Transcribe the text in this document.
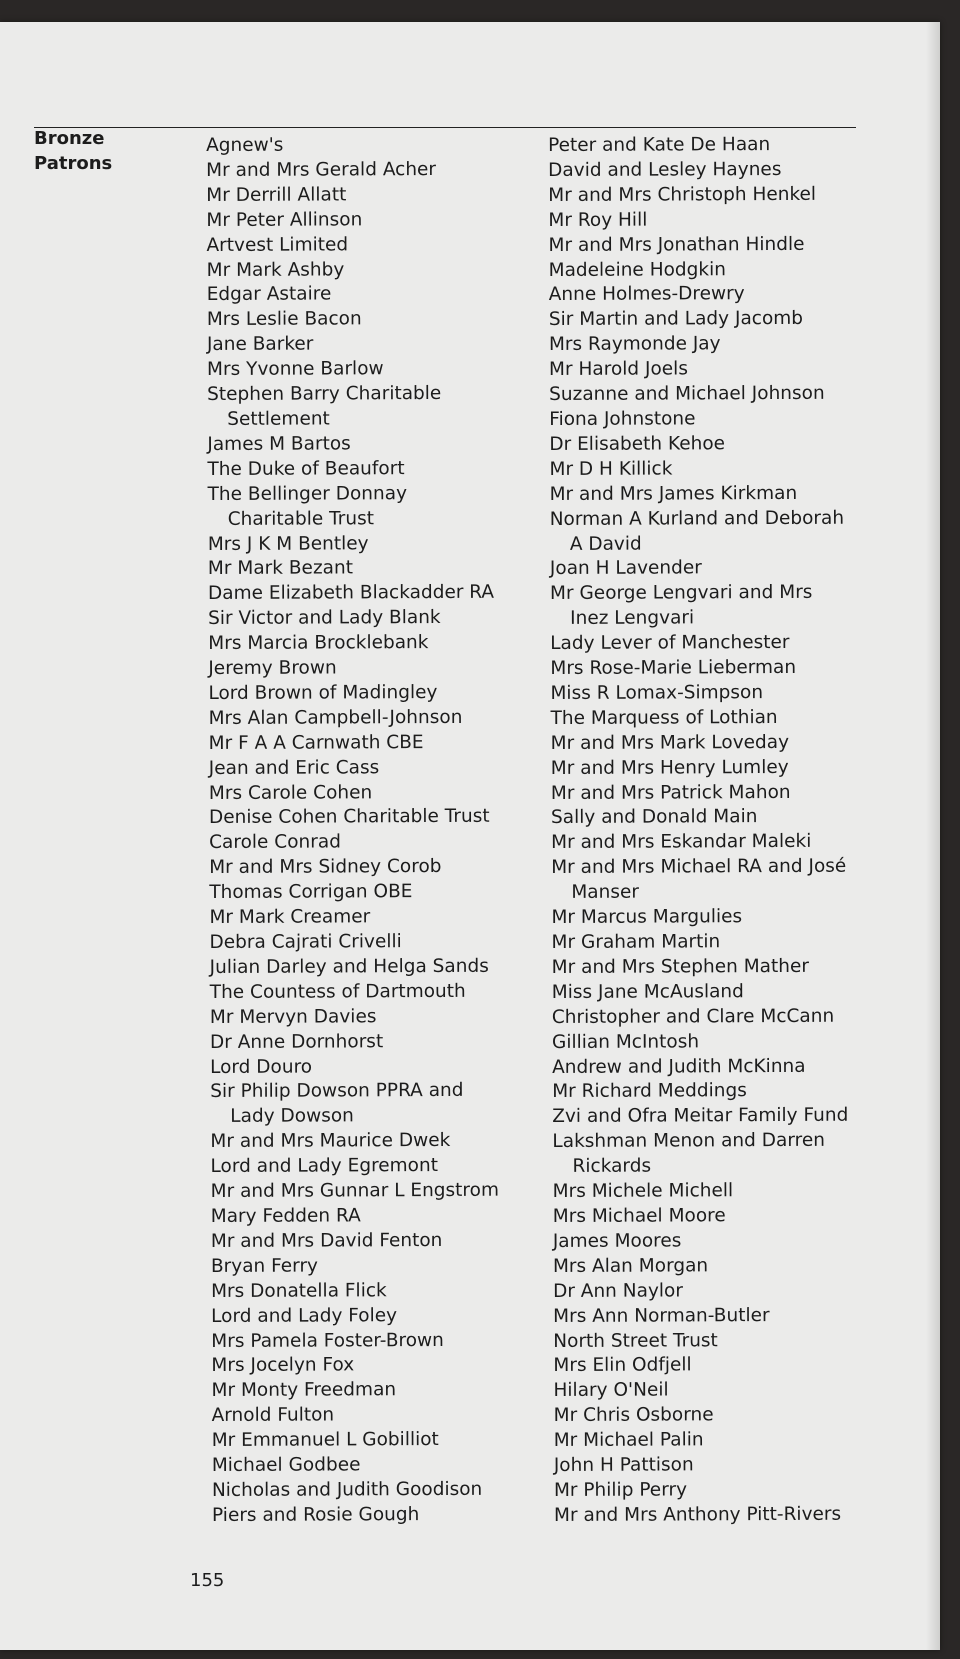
Bronze Patrons
Agnew's
Mr and Mrs Gerald Acher
Mr Derrill Allatt
Mr Peter Allinson
Artvest Limited
Mr Mark Ashby
Edgar Astaire
Mrs Leslie Bacon
Jane Barker
Mrs Yvonne Barlow
Stephen Barry Charitable Settlement
James M Bartos
The Duke of Beaufort
The Bellinger Donnay Charitable Trust
Mrs J K M Bentley
Mr Mark Bezant
Dame Elizabeth Blackadder RA
Sir Victor and Lady Blank
Mrs Marcia Brocklebank
Jeremy Brown
Lord Brown of Madingley
Mrs Alan Campbell-Johnson
Mr F A A Carnwath CBE
Jean and Eric Cass
Mrs Carole Cohen
Denise Cohen Charitable Trust
Carole Conrad
Mr and Mrs Sidney Corob
Thomas Corrigan OBE
Mr Mark Creamer
Debra Cajrati Crivelli
Julian Darley and Helga Sands
The Countess of Dartmouth
Mr Mervyn Davies
Dr Anne Dornhorst
Lord Douro
Sir Philip Dowson PPRA and Lady Dowson
Mr and Mrs Maurice Dwek
Lord and Lady Egremont
Mr and Mrs Gunnar L Engstrom
Mary Fedden RA
Mr and Mrs David Fenton
Bryan Ferry
Mrs Donatella Flick
Lord and Lady Foley
Mrs Pamela Foster-Brown
Mrs Jocelyn Fox
Mr Monty Freedman
Arnold Fulton
Mr Emmanuel L Gobilliot
Michael Godbee
Nicholas and Judith Goodison
Piers and Rosie Gough
Peter and Kate De Haan
David and Lesley Haynes
Mr and Mrs Christoph Henkel
Mr Roy Hill
Mr and Mrs Jonathan Hindle
Madeleine Hodgkin
Anne Holmes-Drewry
Sir Martin and Lady Jacomb
Mrs Raymonde Jay
Mr Harold Joels
Suzanne and Michael Johnson
Fiona Johnstone
Dr Elisabeth Kehoe
Mr D H Killick
Mr and Mrs James Kirkman
Norman A Kurland and Deborah A David
Joan H Lavender
Mr George Lengvari and Mrs Inez Lengvari
Lady Lever of Manchester
Mrs Rose-Marie Lieberman
Miss R Lomax-Simpson
The Marquess of Lothian
Mr and Mrs Mark Loveday
Mr and Mrs Henry Lumley
Mr and Mrs Patrick Mahon
Sally and Donald Main
Mr and Mrs Eskandar Maleki
Mr and Mrs Michael RA and José Manser
Mr Marcus Margulies
Mr Graham Martin
Mr and Mrs Stephen Mather
Miss Jane McAusland
Christopher and Clare McCann
Gillian McIntosh
Andrew and Judith McKinna
Mr Richard Meddings
Zvi and Ofra Meitar Family Fund
Lakshman Menon and Darren Rickards
Mrs Michele Michell
Mrs Michael Moore
James Moores
Mrs Alan Morgan
Dr Ann Naylor
Mrs Ann Norman-Butler
North Street Trust
Mrs Elin Odfjell
Hilary O'Neil
Mr Chris Osborne
Mr Michael Palin
John H Pattison
Mr Philip Perry
Mr and Mrs Anthony Pitt-Rivers
155
